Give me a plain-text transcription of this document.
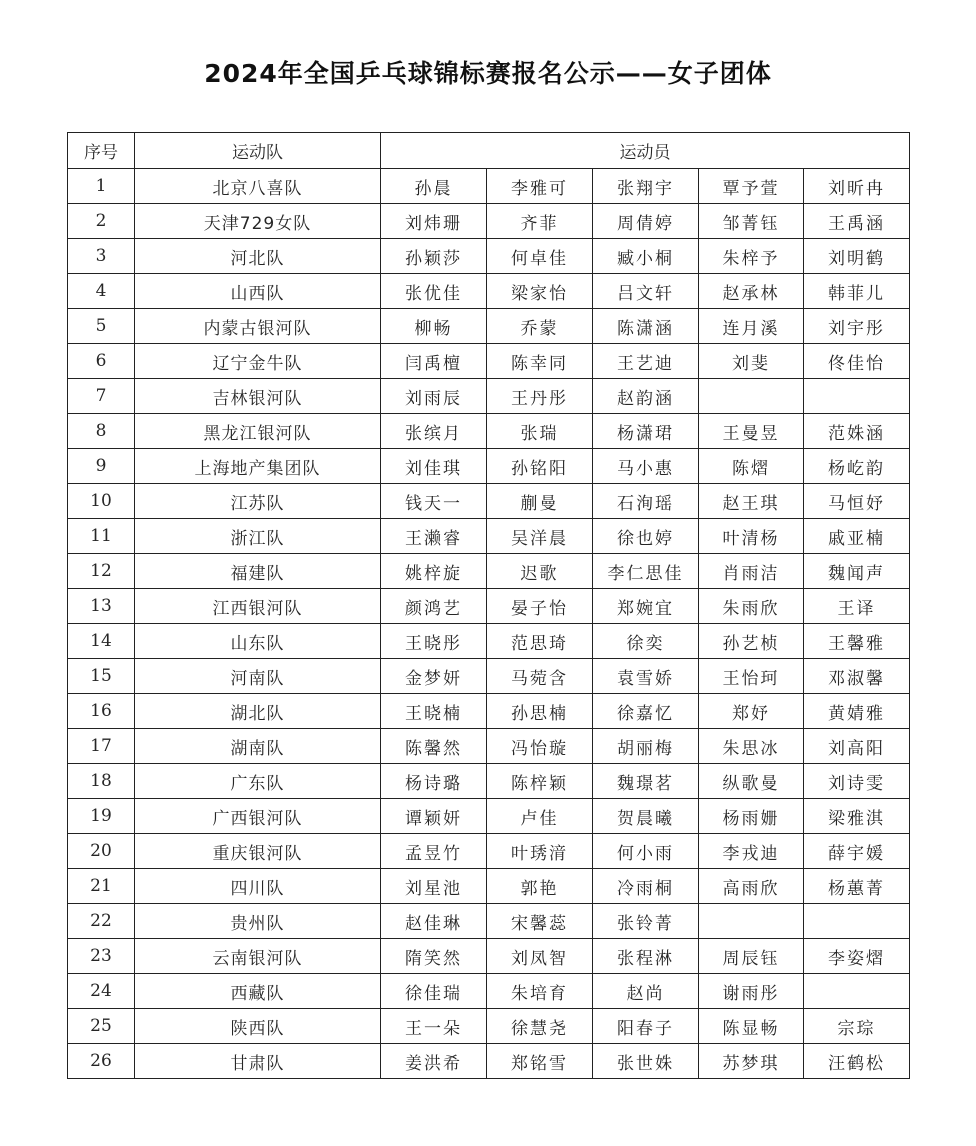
2024年全国乒乓球锦标赛报名公示——女子团体
序号	运动队	运动员				
1	北京八喜队	孙晨	李雅可	张翔宇	覃予萱	刘昕冉
2	天津729女队	刘炜珊	齐菲	周倩婷	邹菁钰	王禹涵
3	河北队	孙颖莎	何卓佳	臧小桐	朱梓予	刘明鹤
4	山西队	张优佳	梁家怡	吕文轩	赵承林	韩菲儿
5	内蒙古银河队	柳畅	乔蒙	陈潇涵	连月溪	刘宇彤
6	辽宁金牛队	闫禹檀	陈幸同	王艺迪	刘斐	佟佳怡
7	吉林银河队	刘雨辰	王丹彤	赵韵涵		
8	黑龙江银河队	张缤月	张瑞	杨潇珺	王曼昱	范姝涵
9	上海地产集团队	刘佳琪	孙铭阳	马小惠	陈熠	杨屹韵
10	江苏队	钱天一	蒯曼	石洵瑶	赵王琪	马恒妤
11	浙江队	王濑睿	吴洋晨	徐也婷	叶清杨	戚亚楠
12	福建队	姚梓旋	迟歌	李仁思佳	肖雨洁	魏闻声
13	江西银河队	颜鸿艺	晏子怡	郑婉宜	朱雨欣	王译
14	山东队	王晓彤	范思琦	徐奕	孙艺桢	王馨雅
15	河南队	金梦妍	马菀含	袁雪娇	王怡珂	邓淑馨
16	湖北队	王晓楠	孙思楠	徐嘉忆	郑妤	黄婧雅
17	湖南队	陈馨然	冯怡璇	胡丽梅	朱思冰	刘高阳
18	广东队	杨诗璐	陈梓颖	魏璟茗	纵歌曼	刘诗雯
19	广西银河队	谭颖妍	卢佳	贺晨曦	杨雨姗	梁雅淇
20	重庆银河队	孟昱竹	叶琇湇	何小雨	李戎迪	薛宇媛
21	四川队	刘星池	郭艳	冷雨桐	高雨欣	杨蕙菁
22	贵州队	赵佳琳	宋馨蕊	张铃菁		
23	云南银河队	隋笑然	刘凤智	张程淋	周辰钰	李姿熠
24	西藏队	徐佳瑞	朱培育	赵尚	谢雨彤	
25	陕西队	王一朵	徐慧尧	阳春子	陈显畅	宗琮
26	甘肃队	姜洪希	郑铭雪	张世姝	苏梦琪	汪鹤松
